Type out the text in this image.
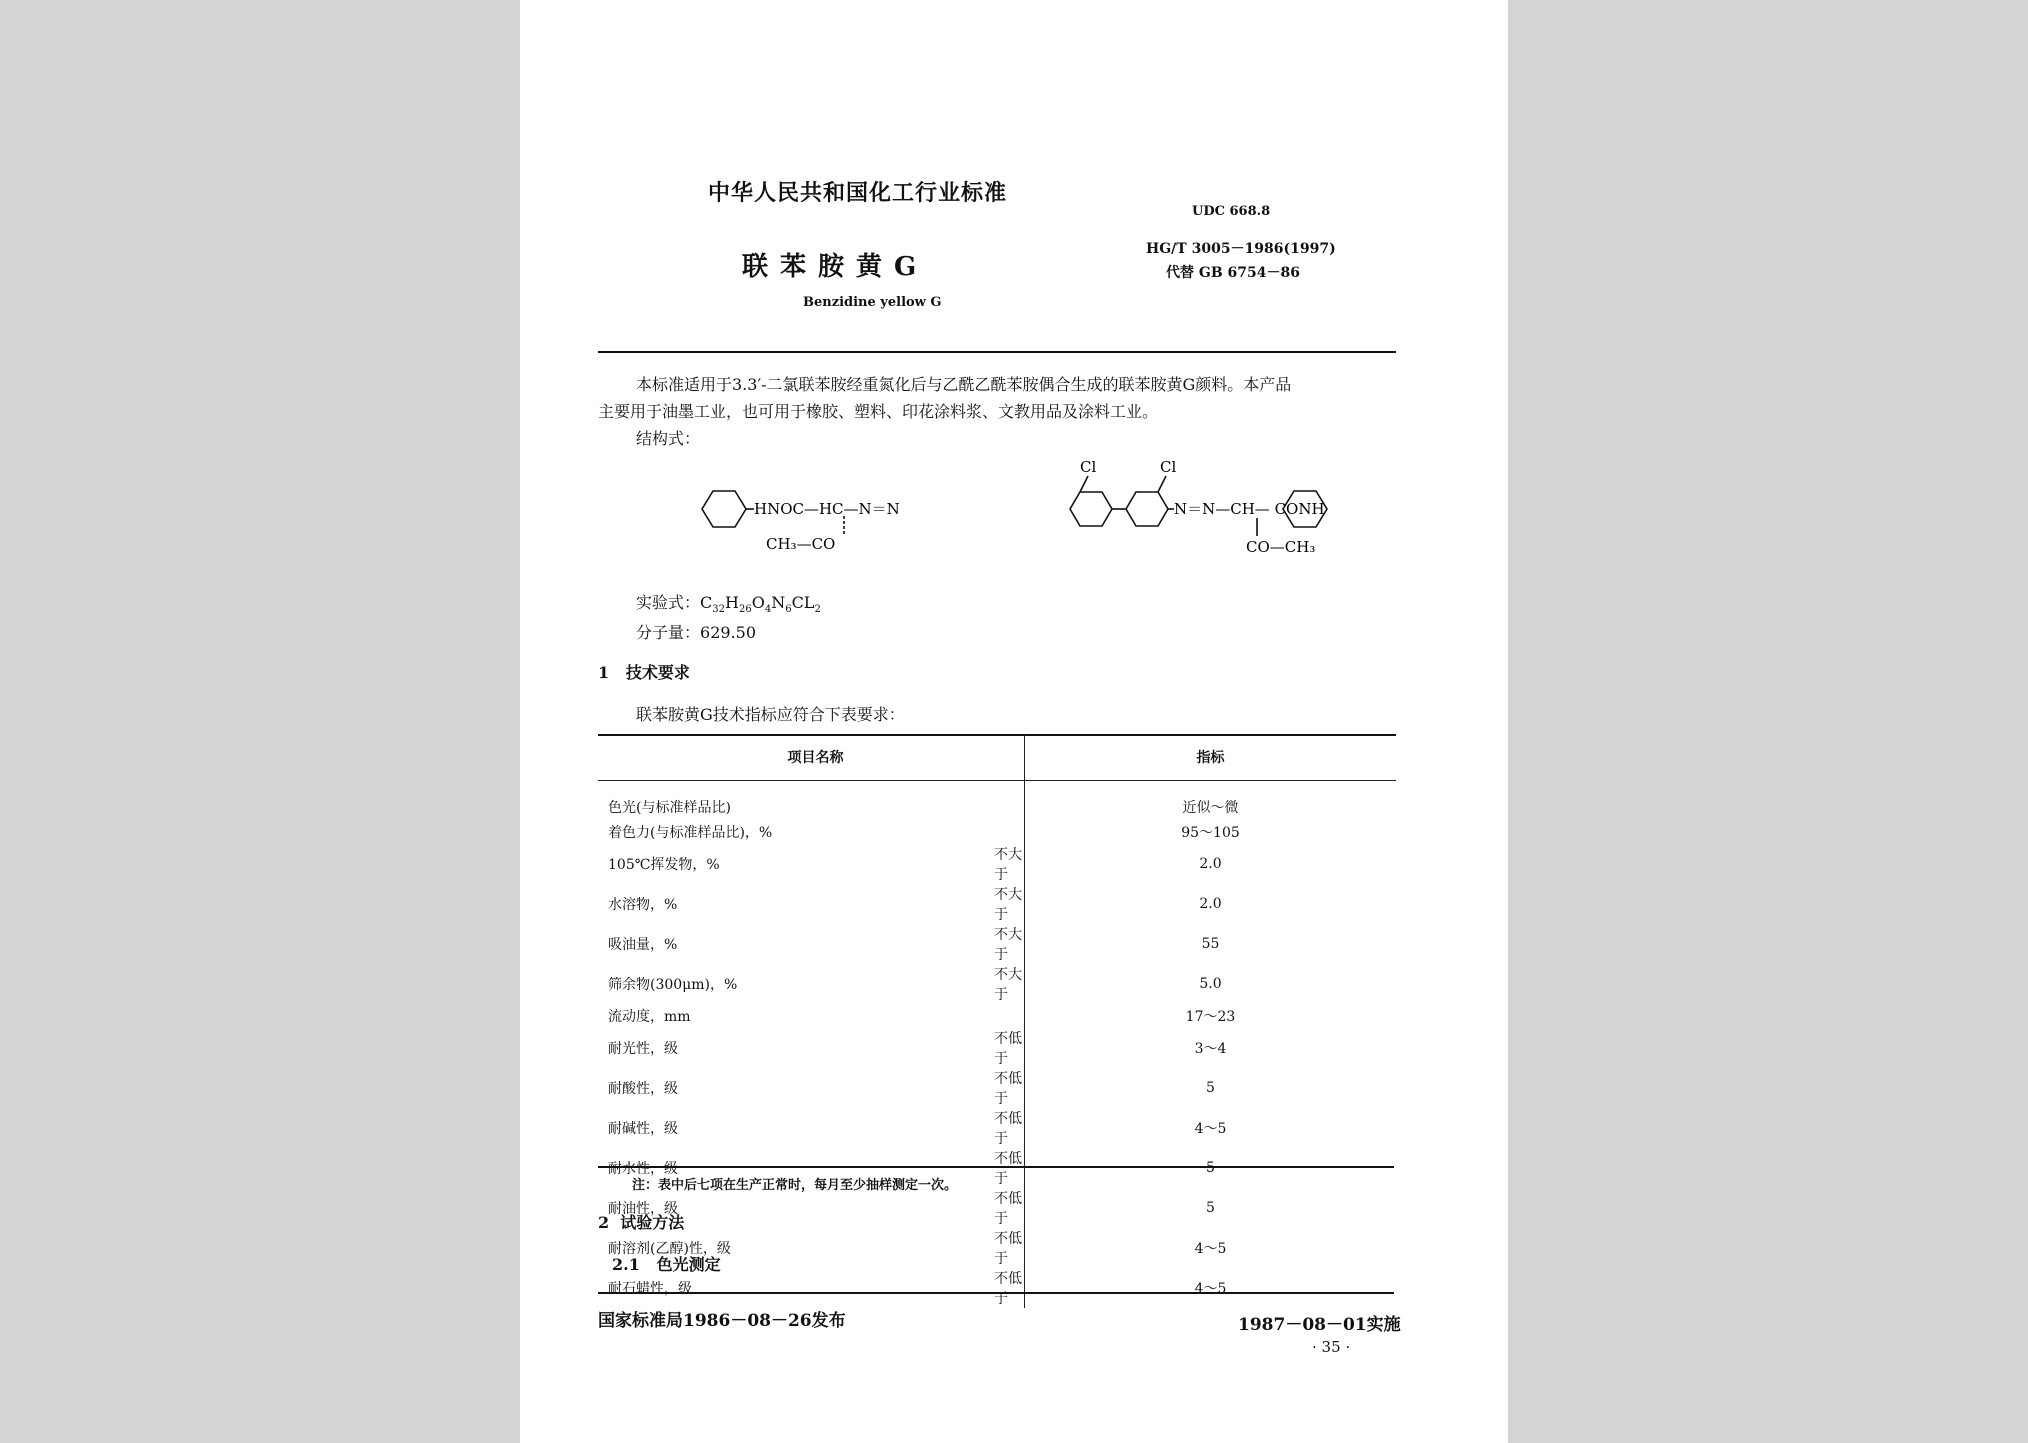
中华人民共和国化工行业标准
UDC 668.8
联苯胺黄G
HG/T 3005－1986(1997)
代替 GB 6754－86
Benzidine yellow G
本标准适用于3.3′-二氯联苯胺经重氮化后与乙酰乙酰苯胺偶合生成的联苯胺黄G颜料。本产品
主要用于油墨工业，也可用于橡胶、塑料、印花涂料浆、文教用品及涂料工业。
结构式：
HNOC—HC—N＝N
Cl	Cl
N＝N—CH— CONH
CH₃—CO	CO—CH₃
实验式：$C_{32}H_{26}O_4N_6CL_2$
分子量：629.50
1 技术要求
联苯胺黄G技术指标应符合下表要求：
项目名称		指标
色光(与标准样品比)		近似～微
着色力(与标准样品比)，%		95～105
105℃挥发物，%	不大于	2.0
水溶物，%	不大于	2.0
吸油量，%	不大于	55
筛余物(300μm)，%	不大于	5.0
流动度，mm		17～23
耐光性，级	不低于	3～4
耐酸性，级	不低于	5
耐碱性，级	不低于	4～5
耐水性，级	不低于	5
耐油性，级	不低于	5
耐溶剂(乙醇)性，级	不低于	4～5
耐石蜡性，级	不低于	4～5
注：表中后七项在生产正常时，每月至少抽样测定一次。
2 试验方法
2.1 色光测定
国家标准局1986－08－26发布	1987－08－01实施
· 35 ·
